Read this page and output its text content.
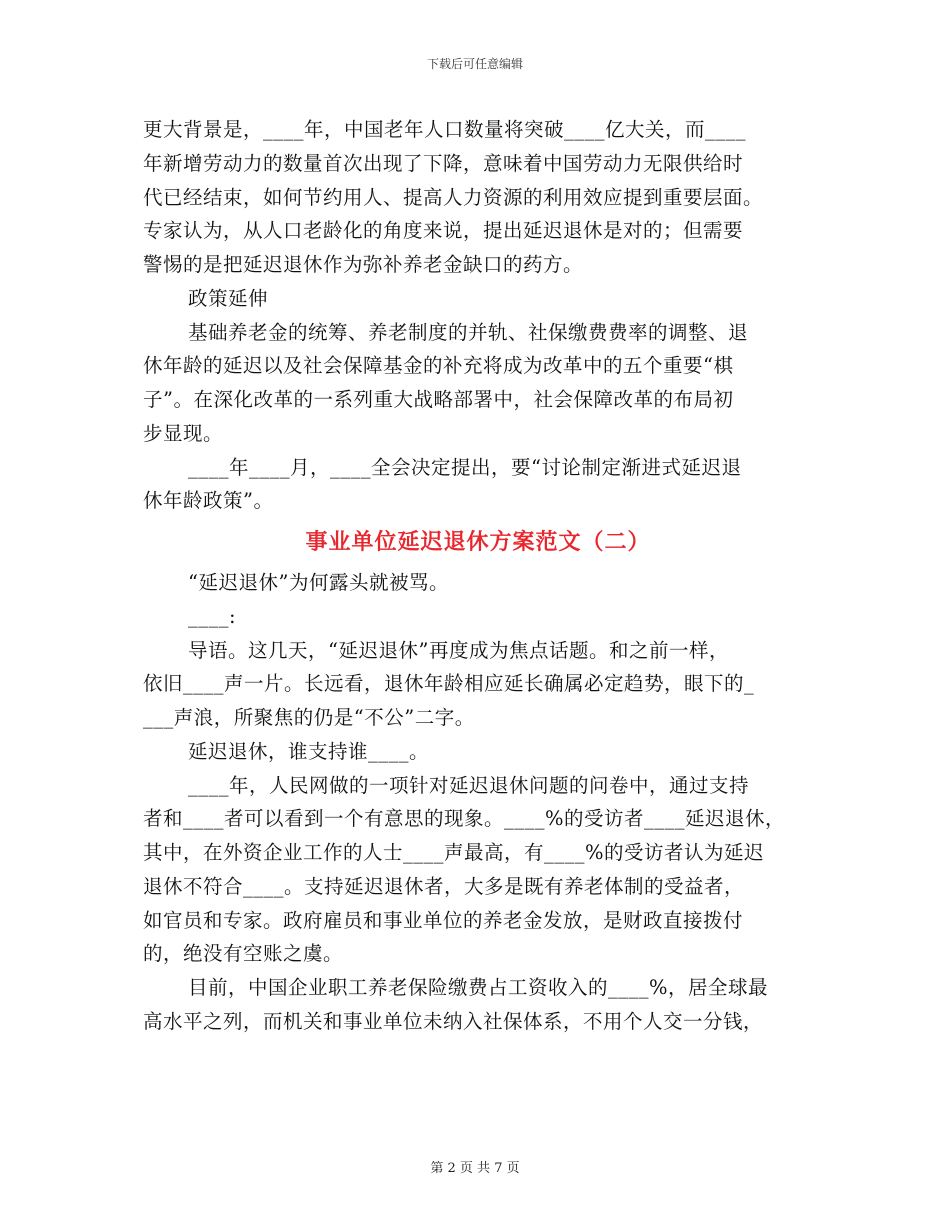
下载后可任意编辑
更大背景是，____年，中国老年人口数量将突破____亿大关，而____
年新增劳动力的数量首次出现了下降，意味着中国劳动力无限供给时
代已经结束，如何节约用人、提高人力资源的利用效应提到重要层面。
专家认为，从人口老龄化的角度来说，提出延迟退休是对的；但需要
警惕的是把延迟退休作为弥补养老金缺口的药方。
政策延伸
基础养老金的统筹、养老制度的并轨、社保缴费费率的调整、退
休年龄的延迟以及社会保障基金的补充将成为改革中的五个重要“棋
子”。在深化改革的一系列重大战略部署中，社会保障改革的布局初
步显现。
____年____月，____全会决定提出，要“讨论制定渐进式延迟退
休年龄政策”。
事业单位延迟退休方案范文（二）
“延迟退休”为何露头就被骂。
____:
导语。这几天，“延迟退休”再度成为焦点话题。和之前一样，
依旧____声一片。长远看，退休年龄相应延长确属必定趋势，眼下的_
___声浪，所聚焦的仍是“不公”二字。
延迟退休，谁支持谁____。
____年，人民网做的一项针对延迟退休问题的问卷中，通过支持
者和____者可以看到一个有意思的现象。____%的受访者____延迟退休，
其中，在外资企业工作的人士____声最高，有____%的受访者认为延迟
退休不符合____。支持延迟退休者，大多是既有养老体制的受益者，
如官员和专家。政府雇员和事业单位的养老金发放，是财政直接拨付
的，绝没有空账之虞。
目前，中国企业职工养老保险缴费占工资收入的____%，居全球最
高水平之列，而机关和事业单位未纳入社保体系，不用个人交一分钱，
第 2 页 共 7 页
